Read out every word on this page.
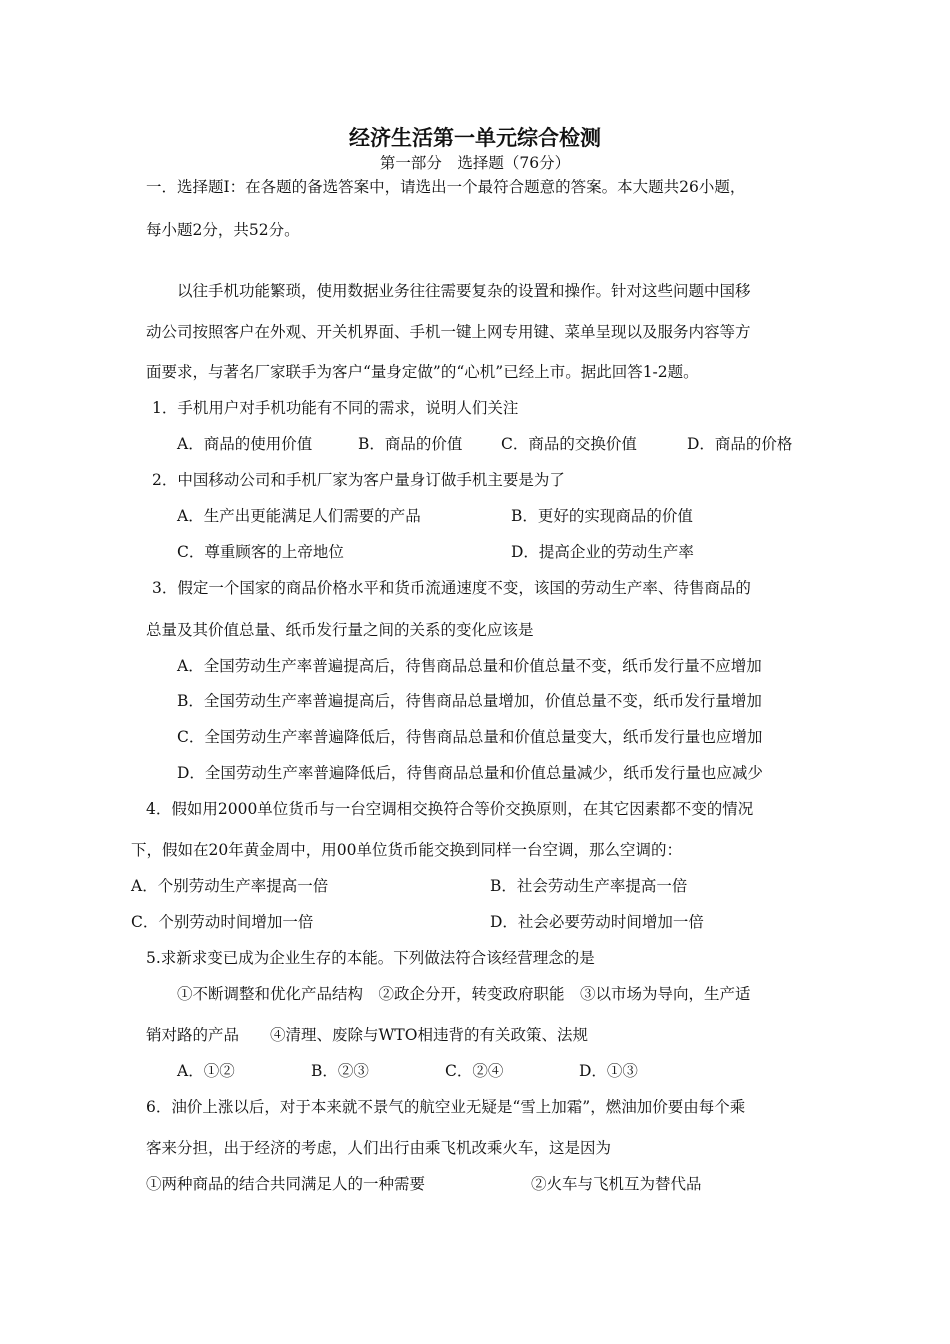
经济生活第一单元综合检测
第一部分　选择题（76分）
一．选择题Ⅰ：在各题的备选答案中，请选出一个最符合题意的答案。本大题共26小题，
每小题2分，共52分。
以往手机功能繁琐，使用数据业务往往需要复杂的设置和操作。针对这些问题中国移
动公司按照客户在外观、开关机界面、手机一键上网专用键、菜单呈现以及服务内容等方
面要求，与著名厂家联手为客户“量身定做”的“心机”已经上市。据此回答1-2题。
1．手机用户对手机功能有不同的需求，说明人们关注
A．商品的使用价值	B．商品的价值 C．商品的交换价值	D．商品的价格
2．中国移动公司和手机厂家为客户量身订做手机主要是为了
A．生产出更能满足人们需要的产品	B．更好的实现商品的价值
C．尊重顾客的上帝地位	D．提高企业的劳动生产率
3．假定一个国家的商品价格水平和货币流通速度不变，该国的劳动生产率、待售商品的
总量及其价值总量、纸币发行量之间的关系的变化应该是
A．全国劳动生产率普遍提高后，待售商品总量和价值总量不变，纸币发行量不应增加
B．全国劳动生产率普遍提高后，待售商品总量增加，价值总量不变，纸币发行量增加
C．全国劳动生产率普遍降低后，待售商品总量和价值总量变大，纸币发行量也应增加
D．全国劳动生产率普遍降低后，待售商品总量和价值总量减少，纸币发行量也应减少
4．假如用2000单位货币与一台空调相交换符合等价交换原则，在其它因素都不变的情况
下，假如在20年黄金周中，用00单位货币能交换到同样一台空调，那么空调的：
A．个别劳动生产率提高一倍	B．社会劳动生产率提高一倍
C．个别劳动时间增加一倍	D．社会必要劳动时间增加一倍
5.求新求变已成为企业生存的本能。下列做法符合该经营理念的是
①不断调整和优化产品结构　②政企分开，转变政府职能　③以市场为导向，生产适
销对路的产品　　④清理、废除与WTO相违背的有关政策、法规
A．①②	B．②③	C．②④	D．①③
6．油价上涨以后，对于本来就不景气的航空业无疑是“雪上加霜”，燃油加价要由每个乘
客来分担，出于经济的考虑，人们出行由乘飞机改乘火车，这是因为
①两种商品的结合共同满足人的一种需要	②火车与飞机互为替代品
